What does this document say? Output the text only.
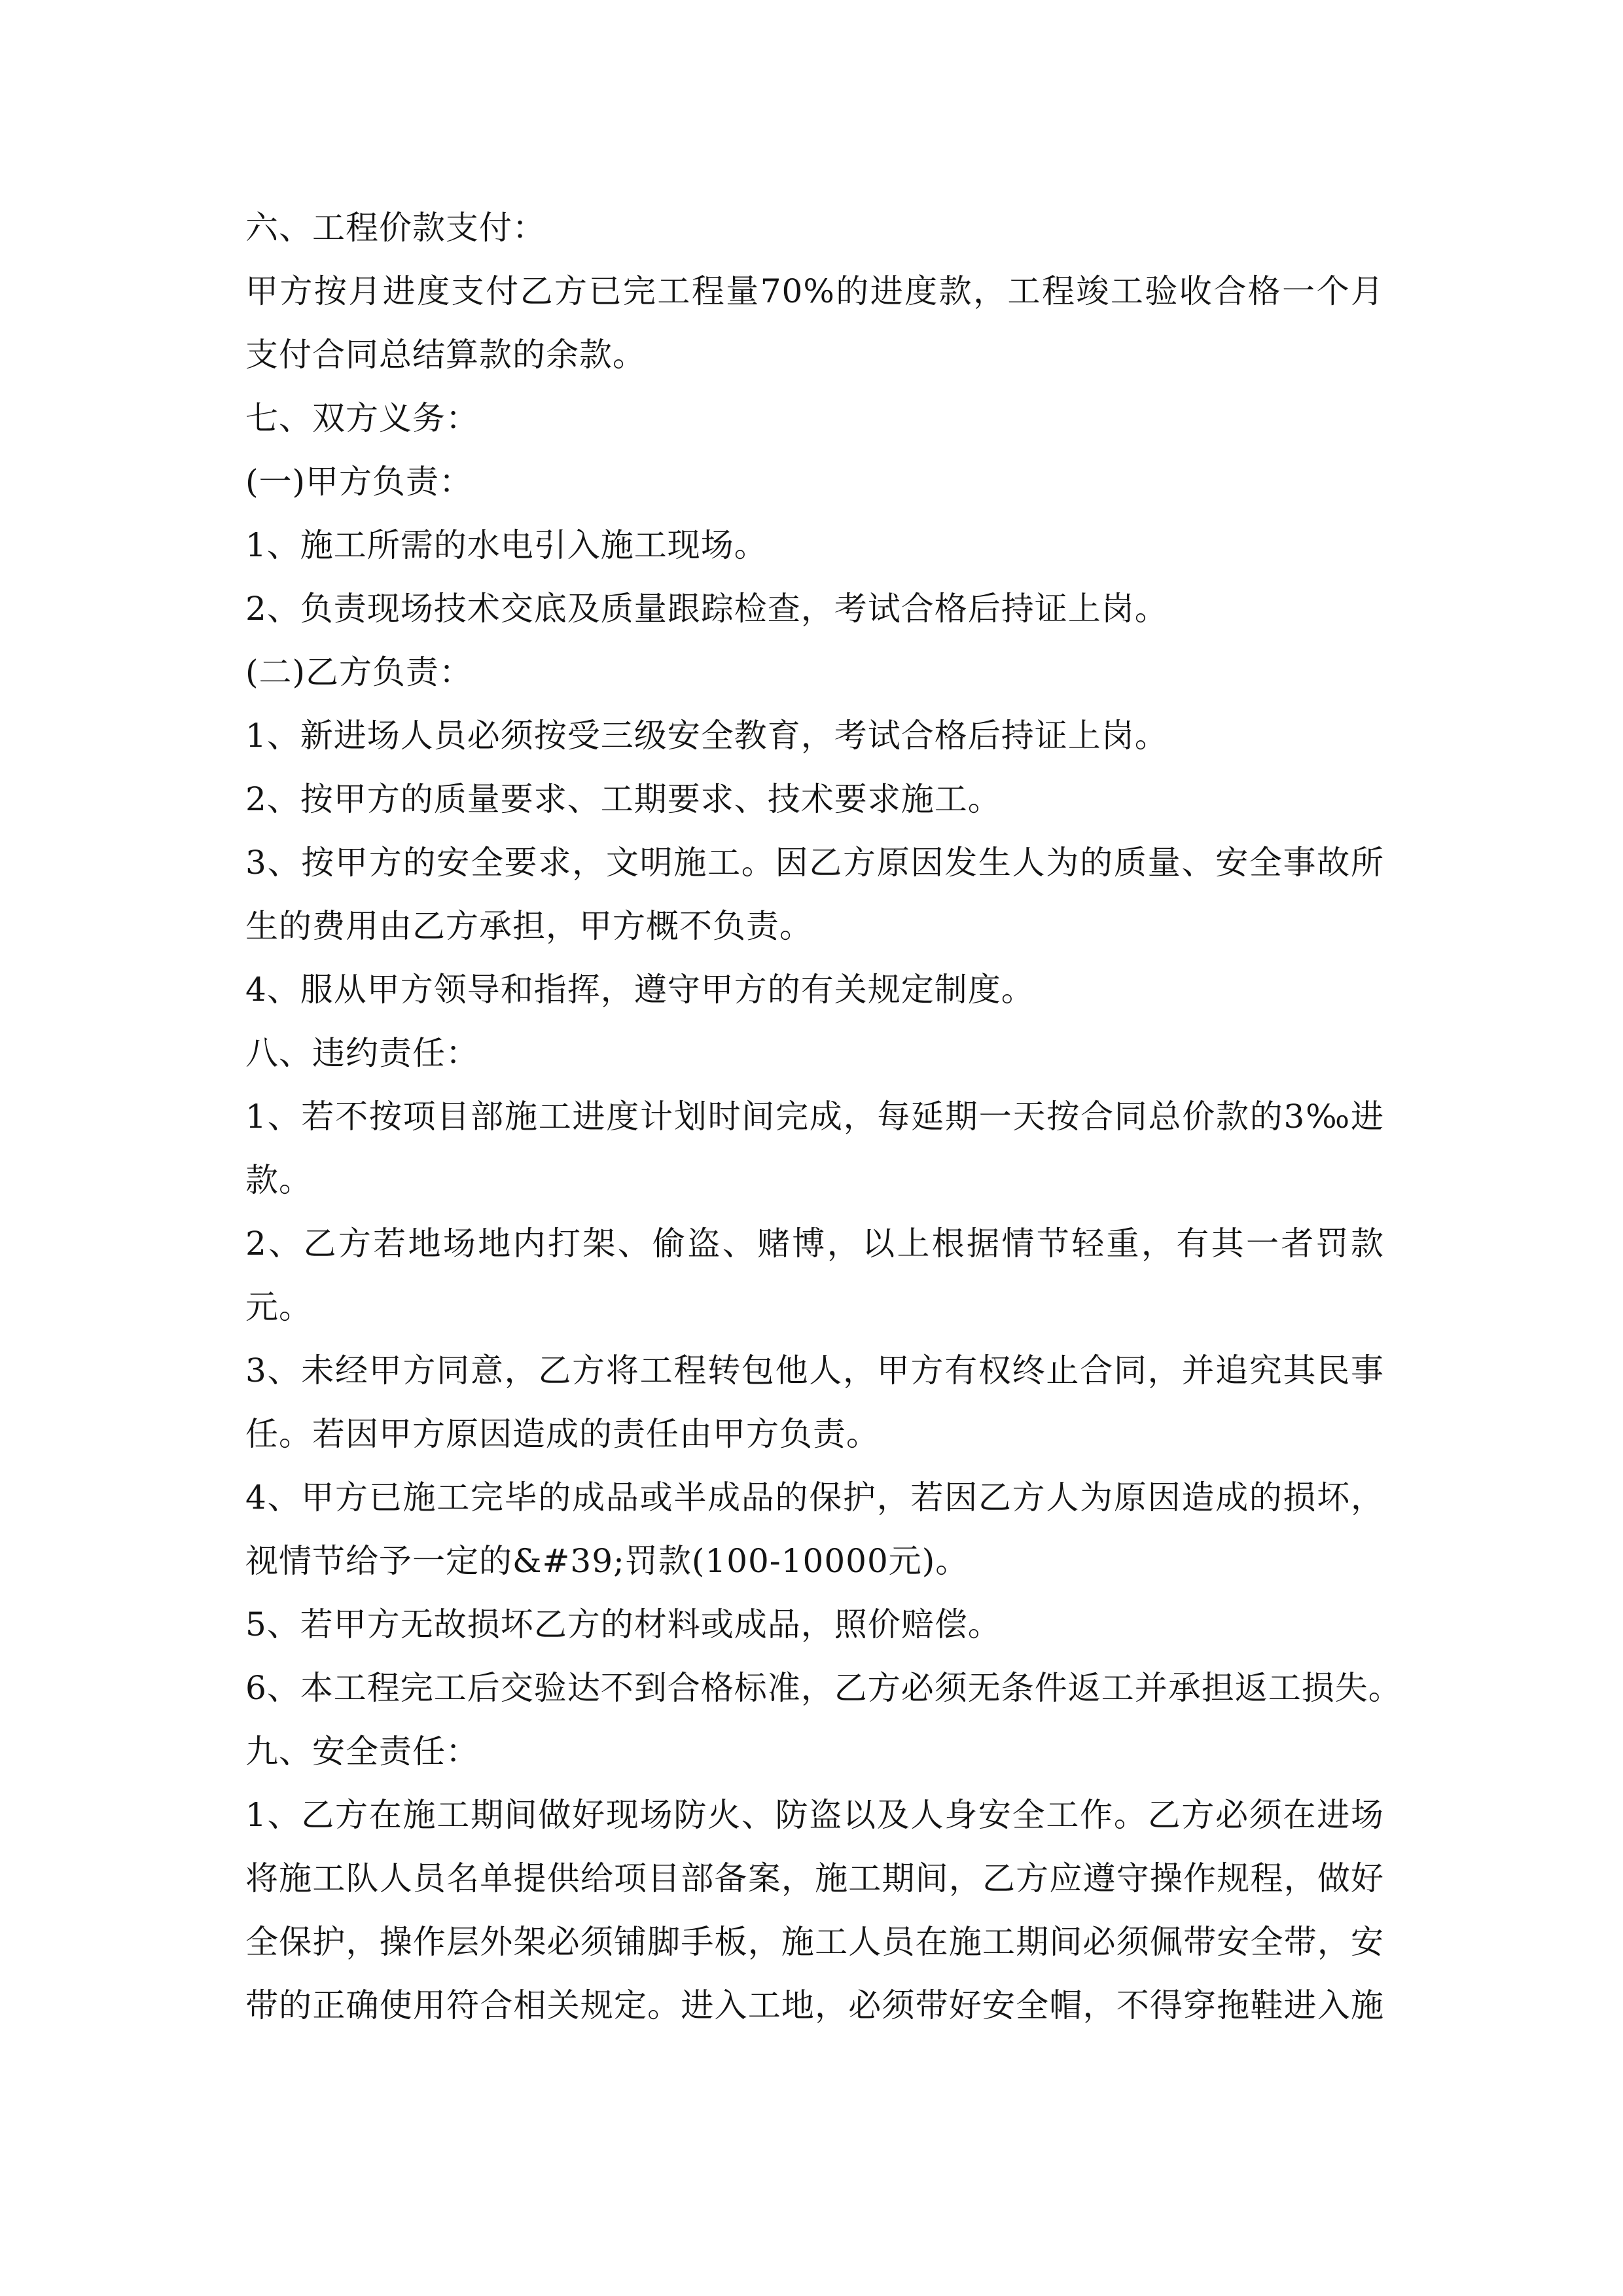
六、工程价款支付：
甲方按月进度支付乙方已完工程量70%的进度款，工程竣工验收合格一个月
支付合同总结算款的余款。
七、双方义务：
(一)甲方负责：
1、施工所需的水电引入施工现场。
2、负责现场技术交底及质量跟踪检查，考试合格后持证上岗。
(二)乙方负责：
1、新进场人员必须按受三级安全教育，考试合格后持证上岗。
2、按甲方的质量要求、工期要求、技术要求施工。
3、按甲方的安全要求，文明施工。因乙方原因发生人为的质量、安全事故所
生的费用由乙方承担，甲方概不负责。
4、服从甲方领导和指挥，遵守甲方的有关规定制度。
八、违约责任：
1、若不按项目部施工进度计划时间完成，每延期一天按合同总价款的3‰进
款。
2、乙方若地场地内打架、偷盗、赌博，以上根据情节轻重，有其一者罚款
元。
3、未经甲方同意，乙方将工程转包他人，甲方有权终止合同，并追究其民事
任。若因甲方原因造成的责任由甲方负责。
4、甲方已施工完毕的成品或半成品的保护，若因乙方人为原因造成的损坏，
视情节给予一定的&#39;罚款(100-10000元)。
5、若甲方无故损坏乙方的材料或成品，照价赔偿。
6、本工程完工后交验达不到合格标准，乙方必须无条件返工并承担返工损失。
九、安全责任：
1、乙方在施工期间做好现场防火、防盗以及人身安全工作。乙方必须在进场
将施工队人员名单提供给项目部备案，施工期间，乙方应遵守操作规程，做好
全保护，操作层外架必须铺脚手板，施工人员在施工期间必须佩带安全带，安
带的正确使用符合相关规定。进入工地，必须带好安全帽，不得穿拖鞋进入施
